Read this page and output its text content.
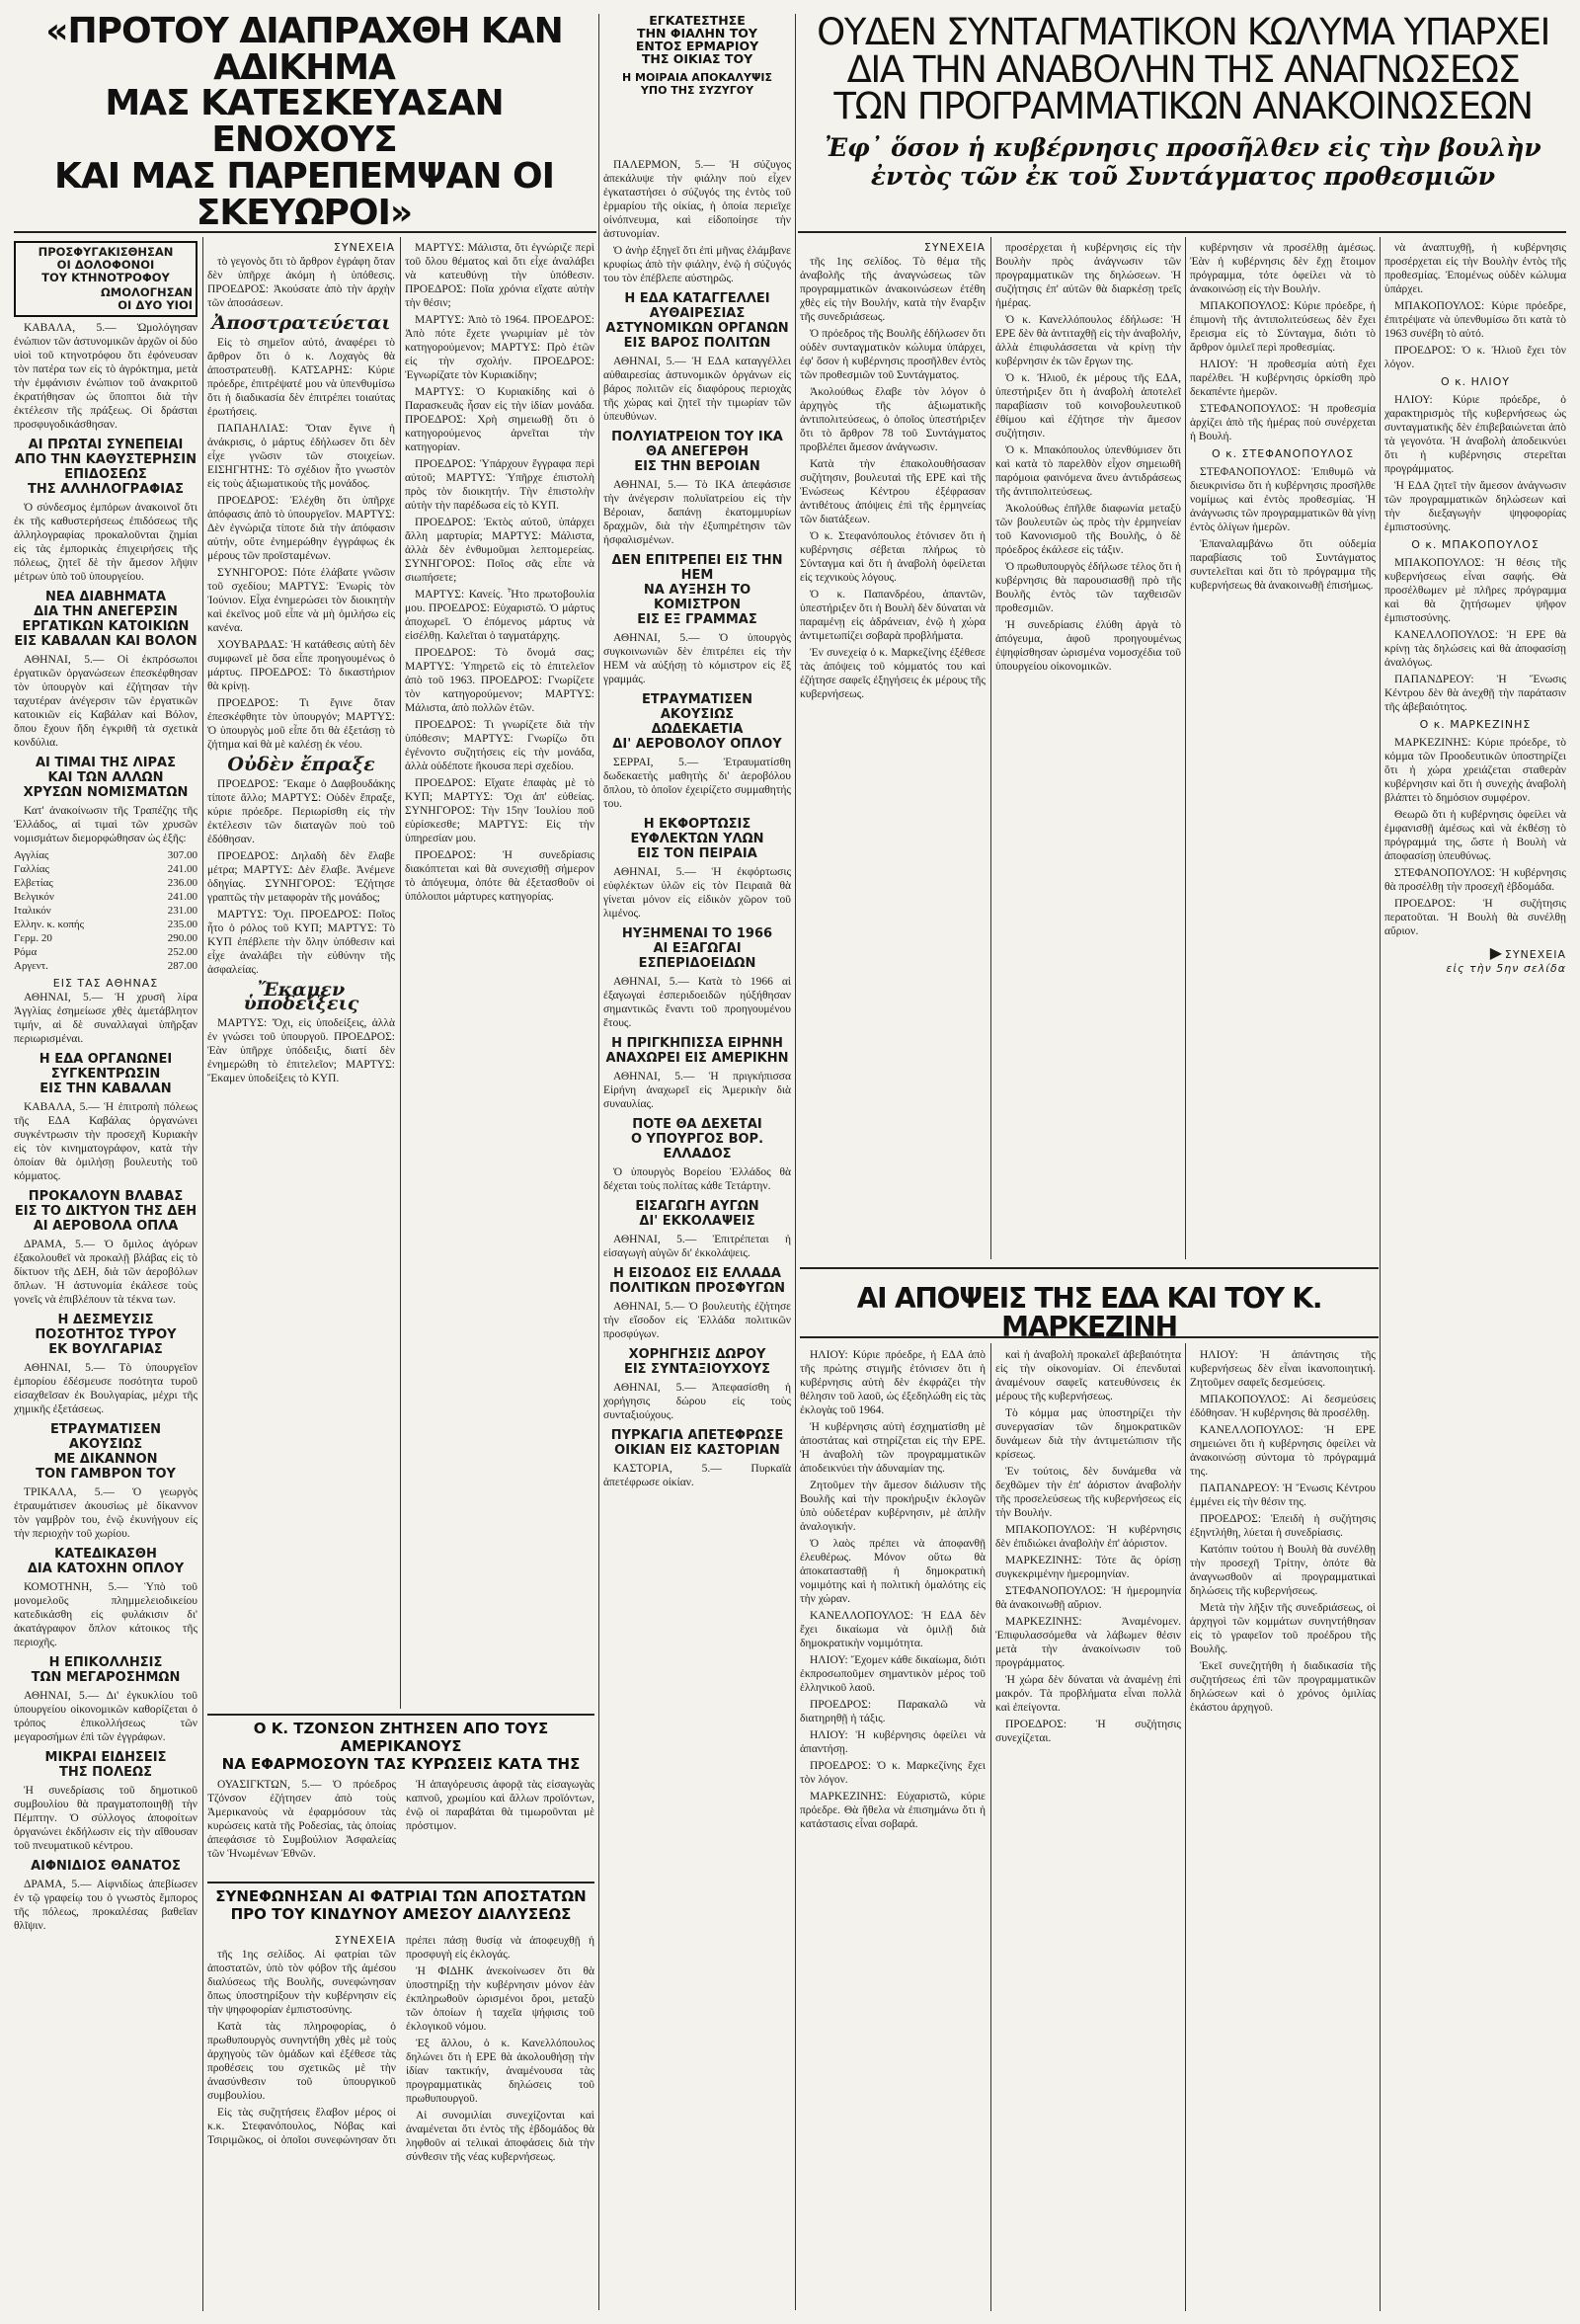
«ΠΡΟΤΟΥ ΔΙΑΠΡΑΧΘΗ ΚΑΝ ΑΔΙΚΗΜΑ
ΜΑΣ ΚΑΤΕΣΚΕΥΑΣΑΝ ΕΝΟΧΟΥΣ
ΚΑΙ ΜΑΣ ΠΑΡΕΠΕΜΨΑΝ ΟΙ ΣΚΕΥΩΡΟΙ»
ΕΓΚΑΤΕΣΤΗΣΕ
ΤΗΝ ΦΙΑΛΗΝ ΤΟΥ
ΕΝΤΟΣ ΕΡΜΑΡΙΟΥ
ΤΗΣ ΟΙΚΙΑΣ ΤΟΥ
Η ΜΟΙΡΑΙΑ ΑΠΟΚΑΛΥΨΙΣ
ΥΠΟ ΤΗΣ ΣΥΖΥΓΟΥ
ΟΥΔΕΝ ΣΥΝΤΑΓΜΑΤΙΚΟΝ ΚΩΛΥΜΑ ΥΠΑΡΧΕΙ
ΔΙΑ ΤΗΝ ΑΝΑΒΟΛΗΝ ΤΗΣ ΑΝΑΓΝΩΣΕΩΣ
ΤΩΝ ΠΡΟΓΡΑΜΜΑΤΙΚΩΝ ΑΝΑΚΟΙΝΩΣΕΩΝ
Ἐφ᾿ ὅσον ἡ κυβέρνησις προσῆλθεν εἰς τὴν βουλὴν
ἐντὸς τῶν ἐκ τοῦ Συντάγματος προθεσμιῶν
ΠΡΟΣΦΥΓΑΚΙΣΘΗΣΑΝ
ΟΙ ΔΟΛΟΦΟΝΟΙ
ΤΟΥ ΚΤΗΝΟΤΡΟΦΟΥ
ΩΜΟΛΟΓΗΣΑΝ
ΟΙ ΔΥΟ ΥΙΟΙ

ΚΑΒΑΛΑ, 5.— Ὡμολόγησαν ἐνώπιον τῶν ἀστυνομικῶν ἀρχῶν οἱ δύο υἱοὶ τοῦ κτηνοτρόφου ὅτι ἐφόνευσαν τὸν πατέρα των εἰς τὸ ἀγρόκτημα, μετὰ τὴν ἐμφάνισιν ἐνώπιον τοῦ ἀνακριτοῦ ἐκρατήθησαν ὡς ὕποπτοι διὰ τὴν ἐκτέλεσιν τῆς πράξεως. Οἱ δράσται προσφυγοδικάσθησαν.

ΑΙ ΠΡΩΤΑΙ ΣΥΝΕΠΕΙΑΙ
ΑΠΟ ΤΗΝ ΚΑΘΥΣΤΕΡΗΣΙΝ
ΕΠΙΔΟΣΕΩΣ
ΤΗΣ ΑΛΛΗΛΟΓΡΑΦΙΑΣ

Ὁ σύνδεσμος ἐμπόρων ἀνακοινοῖ ὅτι ἐκ τῆς καθυστερήσεως ἐπιδόσεως τῆς ἀλληλογραφίας προκαλοῦνται ζημίαι εἰς τὰς ἐμπορικὰς ἐπιχειρήσεις τῆς πόλεως, ζητεῖ δὲ τὴν ἄμεσον λῆψιν μέτρων ὑπὸ τοῦ ὑπουργείου.

ΝΕΑ ΔΙΑΒΗΜΑΤΑ
ΔΙΑ ΤΗΝ ΑΝΕΓΕΡΣΙΝ
ΕΡΓΑΤΙΚΩΝ ΚΑΤΟΙΚΙΩΝ
ΕΙΣ ΚΑΒΑΛΑΝ ΚΑΙ ΒΟΛΟΝ

ΑΘΗΝΑΙ, 5.— Οἱ ἐκπρόσωποι ἐργατικῶν ὀργανώσεων ἐπεσκέφθησαν τὸν ὑπουργὸν καὶ ἐζήτησαν τὴν ταχυτέραν ἀνέγερσιν τῶν ἐργατικῶν κατοικιῶν εἰς Καβάλαν καὶ Βόλον, ὅπου ἔχουν ἤδη ἐγκριθῆ τὰ σχετικὰ κονδύλια.

ΑΙ ΤΙΜΑΙ ΤΗΣ ΛΙΡΑΣ
ΚΑΙ ΤΩΝ ΑΛΛΩΝ
ΧΡΥΣΩΝ ΝΟΜΙΣΜΑΤΩΝ

Κατ' ἀνακοίνωσιν τῆς Τραπέζης τῆς Ἑλλάδος, αἱ τιμαὶ τῶν χρυσῶν νομισμάτων διεμορφώθησαν ὡς ἑξῆς:

Αγγλίας	307.00
Γαλλίας	241.00
Ελβετίας	236.00
Βελγικόν	241.00
Ιταλικόν	231.00
Ελλην. κ. κοπής	235.00
Γερμ. 20	290.00
Ρόμα	252.00
Αργεντ.	287.00
ΕΙΣ ΤΑΣ ΑΘΗΝΑΣ

ΑΘΗΝΑΙ, 5.— Ἡ χρυσῆ λίρα Ἀγγλίας ἐσημείωσε χθὲς ἀμετάβλητον τιμήν, αἱ δὲ συναλλαγαὶ ὑπῆρξαν περιωρισμέναι.

Η ΕΔΑ ΟΡΓΑΝΩΝΕΙ
ΣΥΓΚΕΝΤΡΩΣΙΝ
ΕΙΣ ΤΗΝ ΚΑΒΑΛΑΝ

ΚΑΒΑΛΑ, 5.— Ἡ ἐπιτροπὴ πόλεως τῆς ΕΔΑ Καβάλας ὀργανώνει συγκέντρωσιν τὴν προσεχῆ Κυριακὴν εἰς τὸν κινηματογράφον, κατὰ τὴν ὁποίαν θὰ ὁμιλήσῃ βουλευτὴς τοῦ κόμματος.

ΠΡΟΚΑΛΟΥΝ ΒΛΑΒΑΣ
ΕΙΣ ΤΟ ΔΙΚΤΥΟΝ ΤΗΣ ΔΕΗ
ΑΙ ΑΕΡΟΒΟΛΑ ΟΠΛΑ

ΔΡΑΜΑ, 5.— Ὁ ὅμιλος ἀγόρων ἐξακολουθεῖ νὰ προκαλῇ βλάβας εἰς τὸ δίκτυον τῆς ΔΕΗ, διὰ τῶν ἀεροβόλων ὅπλων. Ἡ ἀστυνομία ἐκάλεσε τοὺς γονεῖς νὰ ἐπιβλέπουν τὰ τέκνα των.

Η ΔΕΣΜΕΥΣΙΣ
ΠΟΣΟΤΗΤΟΣ ΤΥΡΟΥ
ΕΚ ΒΟΥΛΓΑΡΙΑΣ

ΑΘΗΝΑΙ, 5.— Τὸ ὑπουργεῖον ἐμπορίου ἐδέσμευσε ποσότητα τυροῦ εἰσαχθεῖσαν ἐκ Βουλγαρίας, μέχρι τῆς χημικῆς ἐξετάσεως.

ΕΤΡΑΥΜΑΤΙΣΕΝ ΑΚΟΥΣΙΩΣ
ΜΕ ΔΙΚΑΝΝΟΝ
ΤΟΝ ΓΑΜΒΡΟΝ ΤΟΥ

ΤΡΙΚΑΛΑ, 5.— Ὁ γεωργὸς ἐτραυμάτισεν ἀκουσίως μὲ δίκαννον τὸν γαμβρὸν του, ἐνῷ ἐκυνήγουν εἰς τὴν περιοχὴν τοῦ χωρίου.

ΚΑΤΕΔΙΚΑΣΘΗ
ΔΙΑ ΚΑΤΟΧΗΝ ΟΠΛΟΥ

ΚΟΜΟΤΗΝΗ, 5.— Ὑπὸ τοῦ μονομελοῦς πλημμελειοδικείου κατεδικάσθη εἰς φυλάκισιν δι' ἀκατάγραφον ὅπλον κάτοικος τῆς περιοχῆς.

Η ΕΠΙΚΟΛΛΗΣΙΣ
ΤΩΝ ΜΕΓΑΡΟΣΗΜΩΝ

ΑΘΗΝΑΙ, 5.— Δι' ἐγκυκλίου τοῦ ὑπουργείου οἰκονομικῶν καθορίζεται ὁ τρόπος ἐπικολλήσεως τῶν μεγαροσήμων ἐπὶ τῶν ἐγγράφων.

ΜΙΚΡΑΙ ΕΙΔΗΣΕΙΣ
ΤΗΣ ΠΟΛΕΩΣ

Ἡ συνεδρίασις τοῦ δημοτικοῦ συμβουλίου θὰ πραγματοποιηθῇ τὴν Πέμπτην. Ὁ σύλλογος ἀποφοίτων ὀργανώνει ἐκδήλωσιν εἰς τὴν αἴθουσαν τοῦ πνευματικοῦ κέντρου.

ΑΙΦΝΙΔΙΟΣ ΘΑΝΑΤΟΣ

ΔΡΑΜΑ, 5.— Αἰφνιδίως ἀπεβίωσεν ἐν τῷ γραφείῳ του ὁ γνωστὸς ἔμπορος τῆς πόλεως, προκαλέσας βαθεῖαν θλῖψιν.

ΣΥΝΕΧΕΙΑ

τὸ γεγονὸς ὅτι τὸ ἄρθρον ἐγράφη ὅταν δὲν ὑπῆρχε ἀκόμη ἡ ὑπόθεσις. ΠΡΟΕΔΡΟΣ: Ἀκούσατε ἀπὸ τὴν ἀρχὴν τῶν ἀποσάσεων.

Ἀποστρατεύεται

Εἰς τὸ σημεῖον αὐτό, ἀναφέρει τὸ ἄρθρον ὅτι ὁ κ. Λοχαγὸς θὰ ἀποστρατευθῇ. ΚΑΤΣΑΡΗΣ: Κύριε πρόεδρε, ἐπιτρέψατέ μου νὰ ὑπενθυμίσω ὅτι ἡ διαδικασία δὲν ἐπιτρέπει τοιαύτας ἐρωτήσεις.

ΠΑΠΑΗΛΙΑΣ: Ὅταν ἔγινε ἡ ἀνάκρισις, ὁ μάρτυς ἐδήλωσεν ὅτι δὲν εἶχε γνῶσιν τῶν στοιχείων. ΕΙΣΗΓΗΤΗΣ: Τὸ σχέδιον ἦτο γνωστὸν εἰς τοὺς ἀξιωματικοὺς τῆς μονάδος.

ΠΡΟΕΔΡΟΣ: Ἐλέχθη ὅτι ὑπῆρχε ἀπόφασις ἀπὸ τὸ ὑπουργεῖον. ΜΑΡΤΥΣ: Δὲν ἐγνώριζα τίποτε διὰ τὴν ἀπόφασιν αὐτήν, οὔτε ἐνημερώθην ἐγγράφως ἐκ μέρους τῶν προϊσταμένων.

ΣΥΝΗΓΟΡΟΣ: Πότε ἐλάβατε γνῶσιν τοῦ σχεδίου; ΜΑΡΤΥΣ: Ἐνωρὶς τὸν Ἰούνιον. Εἶχα ἐνημερώσει τὸν διοικητὴν καὶ ἐκεῖνος μοῦ εἶπε νὰ μὴ ὁμιλήσω εἰς κανένα.

ΧΟΥΒΑΡΔΑΣ: Ἡ κατάθεσις αὐτὴ δὲν συμφωνεῖ μὲ ὅσα εἶπε προηγουμένως ὁ μάρτυς. ΠΡΟΕΔΡΟΣ: Τὸ δικαστήριον θὰ κρίνῃ.

ΠΡΟΕΔΡΟΣ: Τι ἔγινε ὅταν ἐπεσκέφθητε τὸν ὑπουργόν; ΜΑΡΤΥΣ: Ὁ ὑπουργὸς μοῦ εἶπε ὅτι θὰ ἐξετάσῃ τὸ ζήτημα καὶ θὰ μὲ καλέσῃ ἐκ νέου.

Οὐδὲν ἔπραξε

ΠΡΟΕΔΡΟΣ: Ἔκαμε ὁ Δαφβουδάκης τίποτε ἄλλο; ΜΑΡΤΥΣ: Οὐδὲν ἔπραξε, κύριε πρόεδρε. Περιωρίσθη εἰς τὴν ἐκτέλεσιν τῶν διαταγῶν ποὺ τοῦ ἐδόθησαν.

ΠΡΟΕΔΡΟΣ: Δηλαδὴ δὲν ἔλαβε μέτρα; ΜΑΡΤΥΣ: Δὲν ἔλαβε. Ἀνέμενε ὁδηγίας. ΣΥΝΗΓΟΡΟΣ: Ἐζήτησε γραπτῶς τὴν μεταφορὰν τῆς μονάδος;

ΜΑΡΤΥΣ: Ὄχι. ΠΡΟΕΔΡΟΣ: Ποῖος ἦτο ὁ ρόλος τοῦ ΚΥΠ; ΜΑΡΤΥΣ: Τὸ ΚΥΠ ἐπέβλεπε τὴν ὅλην ὑπόθεσιν καὶ εἶχε ἀναλάβει τὴν εὐθύνην τῆς ἀσφαλείας.

Ἔκαμεν ὑποδείξεις

ΜΑΡΤΥΣ: Ὄχι, εἰς ὑποδείξεις, ἀλλὰ ἐν γνώσει τοῦ ὑπουργοῦ. ΠΡΟΕΔΡΟΣ: Ἐὰν ὑπῆρχε ὑπόδειξις, διατί δὲν ἐνημερώθη τὸ ἐπιτελεῖον; ΜΑΡΤΥΣ: Ἔκαμεν ὑποδείξεις τὸ ΚΥΠ.

ΜΑΡΤΥΣ: Μάλιστα, ὅτι ἐγνώριζε περὶ τοῦ ὅλου θέματος καὶ ὅτι εἶχε ἀναλάβει νὰ κατευθύνῃ τὴν ὑπόθεσιν. ΠΡΟΕΔΡΟΣ: Ποῖα χρόνια εἴχατε αὐτὴν τὴν θέσιν;

ΜΑΡΤΥΣ: Ἀπὸ τὸ 1964. ΠΡΟΕΔΡΟΣ: Ἀπὸ πότε ἔχετε γνωριμίαν μὲ τὸν κατηγορούμενον; ΜΑΡΤΥΣ: Πρὸ ἐτῶν εἰς τὴν σχολήν. ΠΡΟΕΔΡΟΣ: Ἐγνωρίζατε τὸν Κυριακίδην;

ΜΑΡΤΥΣ: Ὁ Κυριακίδης καὶ ὁ Παρασκευᾶς ἦσαν εἰς τὴν ἰδίαν μονάδα. ΠΡΟΕΔΡΟΣ: Χρὴ σημειωθῇ ὅτι ὁ κατηγορούμενος ἀρνεῖται τὴν κατηγορίαν.

ΠΡΟΕΔΡΟΣ: Ὑπάρχουν ἔγγραφα περὶ αὐτοῦ; ΜΑΡΤΥΣ: Ὑπῆρχε ἐπιστολὴ πρὸς τὸν διοικητήν. Τὴν ἐπιστολὴν αὐτὴν τὴν παρέδωσα εἰς τὸ ΚΥΠ.

ΠΡΟΕΔΡΟΣ: Ἐκτὸς αὐτοῦ, ὑπάρχει ἄλλη μαρτυρία; ΜΑΡΤΥΣ: Μάλιστα, ἀλλὰ δὲν ἐνθυμοῦμαι λεπτομερείας. ΣΥΝΗΓΟΡΟΣ: Ποῖος σᾶς εἶπε νὰ σιωπήσετε;

ΜΑΡΤΥΣ: Κανείς. Ἦτο πρωτοβουλία μου. ΠΡΟΕΔΡΟΣ: Εὐχαριστῶ. Ὁ μάρτυς ἀποχωρεῖ. Ὁ ἐπόμενος μάρτυς νὰ εἰσέλθῃ. Καλεῖται ὁ ταγματάρχης.

ΠΡΟΕΔΡΟΣ: Τὸ ὄνομά σας; ΜΑΡΤΥΣ: Ὑπηρετῶ εἰς τὸ ἐπιτελεῖον ἀπὸ τοῦ 1963. ΠΡΟΕΔΡΟΣ: Γνωρίζετε τὸν κατηγορούμενον; ΜΑΡΤΥΣ: Μάλιστα, ἀπὸ πολλῶν ἐτῶν.

ΠΡΟΕΔΡΟΣ: Τι γνωρίζετε διὰ τὴν ὑπόθεσιν; ΜΑΡΤΥΣ: Γνωρίζω ὅτι ἐγένοντο συζητήσεις εἰς τὴν μονάδα, ἀλλὰ οὐδέποτε ἤκουσα περὶ σχεδίου.

ΠΡΟΕΔΡΟΣ: Εἴχατε ἐπαφὰς μὲ τὸ ΚΥΠ; ΜΑΡΤΥΣ: Ὄχι ἀπ' εὐθείας. ΣΥΝΗΓΟΡΟΣ: Τὴν 15ην Ἰουλίου ποῦ εὑρίσκεσθε; ΜΑΡΤΥΣ: Εἰς τὴν ὑπηρεσίαν μου.

ΠΡΟΕΔΡΟΣ: Ἡ συνεδρίασις διακόπτεται καὶ θὰ συνεχισθῇ σήμερον τὸ ἀπόγευμα, ὁπότε θὰ ἐξετασθοῦν οἱ ὑπόλοιποι μάρτυρες κατηγορίας.

ΠΑΛΕΡΜΟΝ, 5.— Ἡ σύζυγος ἀπεκάλυψε τὴν φιάλην ποὺ εἶχεν ἐγκαταστήσει ὁ σύζυγός της ἐντὸς τοῦ ἑρμαρίου τῆς οἰκίας, ἡ ὁποία περιεῖχε οἰνόπνευμα, καὶ εἰδοποίησε τὴν ἀστυνομίαν.

Ὁ ἀνὴρ ἐξηγεῖ ὅτι ἐπὶ μῆνας ἐλάμβανε κρυφίως ἀπὸ τὴν φιάλην, ἐνῷ ἡ σύζυγός του τὸν ἐπέβλεπε αὐστηρῶς.

Η ΕΔΑ ΚΑΤΑΓΓΕΛΛΕΙ
ΑΥΘΑΙΡΕΣΙΑΣ
ΑΣΤΥΝΟΜΙΚΩΝ ΟΡΓΑΝΩΝ
ΕΙΣ ΒΑΡΟΣ ΠΟΛΙΤΩΝ

ΑΘΗΝΑΙ, 5.— Ἡ ΕΔΑ καταγγέλλει αὐθαιρεσίας ἀστυνομικῶν ὀργάνων εἰς βάρος πολιτῶν εἰς διαφόρους περιοχὰς τῆς χώρας καὶ ζητεῖ τὴν τιμωρίαν τῶν ὑπευθύνων.

ΠΟΛΥΙΑΤΡΕΙΟΝ ΤΟΥ ΙΚΑ
ΘΑ ΑΝΕΓΕΡΘΗ
ΕΙΣ ΤΗΝ ΒΕΡΟΙΑΝ

ΑΘΗΝΑΙ, 5.— Τὸ ΙΚΑ ἀπεφάσισε τὴν ἀνέγερσιν πολυϊατρείου εἰς τὴν Βέροιαν, δαπάνῃ ἑκατομμυρίων δραχμῶν, διὰ τὴν ἐξυπηρέτησιν τῶν ἠσφαλισμένων.

ΔΕΝ ΕΠΙΤΡΕΠΕΙ ΕΙΣ ΤΗΝ ΗΕΜ
ΝΑ ΑΥΞΗΣΗ ΤΟ ΚΟΜΙΣΤΡΟΝ
ΕΙΣ ΕΞ ΓΡΑΜΜΑΣ

ΑΘΗΝΑΙ, 5.— Ὁ ὑπουργὸς συγκοινωνιῶν δὲν ἐπιτρέπει εἰς τὴν ΗΕΜ νὰ αὐξήσῃ τὸ κόμιστρον εἰς ἓξ γραμμάς.

ΕΤΡΑΥΜΑΤΙΣΕΝ ΑΚΟΥΣΙΩΣ
ΔΩΔΕΚΑΕΤΙΑ
ΔΙ' ΑΕΡΟΒΟΛΟΥ ΟΠΛΟΥ

ΣΕΡΡΑΙ, 5.— Ἐτραυματίσθη δωδεκαετὴς μαθητὴς δι' ἀεροβόλου ὅπλου, τὸ ὁποῖον ἐχειρίζετο συμμαθητής του.

Η ΕΚΦΟΡΤΩΣΙΣ
ΕΥΦΛΕΚΤΩΝ ΥΛΩΝ
ΕΙΣ ΤΟΝ ΠΕΙΡΑΙΑ

ΑΘΗΝΑΙ, 5.— Ἡ ἐκφόρτωσις εὐφλέκτων ὑλῶν εἰς τὸν Πειραιᾶ θὰ γίνεται μόνον εἰς εἰδικὸν χῶρον τοῦ λιμένος.

ΗΥΞΗΜΕΝΑΙ ΤΟ 1966
ΑΙ ΕΞΑΓΩΓΑΙ
ΕΣΠΕΡΙΔΟΕΙΔΩΝ

ΑΘΗΝΑΙ, 5.— Κατὰ τὸ 1966 αἱ ἐξαγωγαὶ ἐσπεριδοειδῶν ηὐξήθησαν σημαντικῶς ἔναντι τοῦ προηγουμένου ἔτους.

Η ΠΡΙΓΚΗΠΙΣΣΑ ΕΙΡΗΝΗ
ΑΝΑΧΩΡΕΙ ΕΙΣ ΑΜΕΡΙΚΗΝ

ΑΘΗΝΑΙ, 5.— Ἡ πριγκήπισσα Εἰρήνη ἀναχωρεῖ εἰς Ἀμερικὴν διὰ συναυλίας.

ΠΟΤΕ ΘΑ ΔΕΧΕΤΑΙ
Ο ΥΠΟΥΡΓΟΣ ΒΟΡ. ΕΛΛΑΔΟΣ

Ὁ ὑπουργὸς Βορείου Ἑλλάδος θὰ δέχεται τοὺς πολίτας κάθε Τετάρτην.

ΕΙΣΑΓΩΓΗ ΑΥΓΩΝ
ΔΙ' ΕΚΚΟΛΑΨΕΙΣ

ΑΘΗΝΑΙ, 5.— Ἐπιτρέπεται ἡ εἰσαγωγὴ αὐγῶν δι' ἐκκολάψεις.

Η ΕΙΣΟΔΟΣ ΕΙΣ ΕΛΛΑΔΑ
ΠΟΛΙΤΙΚΩΝ ΠΡΟΣΦΥΓΩΝ

ΑΘΗΝΑΙ, 5.— Ὁ βουλευτὴς ἐζήτησε τὴν εἴσοδον εἰς Ἑλλάδα πολιτικῶν προσφύγων.

ΧΟΡΗΓΗΣΙΣ ΔΩΡΟΥ
ΕΙΣ ΣΥΝΤΑΞΙΟΥΧΟΥΣ

ΑΘΗΝΑΙ, 5.— Ἀπεφασίσθη ἡ χορήγησις δώρου εἰς τοὺς συνταξιούχους.

ΠΥΡΚΑΓΙΑ ΑΠΕΤΕΦΡΩΣΕ
ΟΙΚΙΑΝ ΕΙΣ ΚΑΣΤΟΡΙΑΝ

ΚΑΣΤΟΡΙΑ, 5.— Πυρκαϊὰ ἀπετέφρωσε οἰκίαν.

Ο Κ. ΤΖΟΝΣΟΝ ΖΗΤΗΣΕΝ ΑΠΟ ΤΟΥΣ ΑΜΕΡΙΚΑΝΟΥΣ
ΝΑ ΕΦΑΡΜΟΣΟΥΝ ΤΑΣ ΚΥΡΩΣΕΙΣ ΚΑΤΑ ΤΗΣ

ΟΥΑΣΙΓΚΤΩΝ, 5.— Ὁ πρόεδρος Τζόνσον ἐζήτησεν ἀπὸ τοὺς Ἀμερικανοὺς νὰ ἐφαρμόσουν τὰς κυρώσεις κατὰ τῆς Ροδεσίας, τὰς ὁποίας ἀπεφάσισε τὸ Συμβούλιον Ἀσφαλείας τῶν Ἡνωμένων Ἐθνῶν.

Ἡ ἀπαγόρευσις ἀφορᾷ τὰς εἰσαγωγὰς καπνοῦ, χρωμίου καὶ ἄλλων προϊόντων, ἐνῷ οἱ παραβάται θὰ τιμωροῦνται μὲ πρόστιμον.

ΣΥΝΕΦΩΝΗΣΑΝ ΑΙ ΦΑΤΡΙΑΙ ΤΩΝ ΑΠΟΣΤΑΤΩΝ
ΠΡΟ ΤΟΥ ΚΙΝΔΥΝΟΥ ΑΜΕΣΟΥ ΔΙΑΛΥΣΕΩΣ
ΣΥΝΕΧΕΙΑ

τῆς 1ης σελίδος. Αἱ φατρίαι τῶν ἀποστατῶν, ὑπὸ τὸν φόβον τῆς ἀμέσου διαλύσεως τῆς Βουλῆς, συνεφώνησαν ὅπως ὑποστηρίξουν τὴν κυβέρνησιν εἰς τὴν ψηφοφορίαν ἐμπιστοσύνης.

Κατὰ τὰς πληροφορίας, ὁ πρωθυπουργὸς συνηντήθη χθὲς μὲ τοὺς ἀρχηγοὺς τῶν ὁμάδων καὶ ἐξέθεσε τὰς προθέσεις του σχετικῶς μὲ τὴν ἀνασύνθεσιν τοῦ ὑπουργικοῦ συμβουλίου.

Εἰς τὰς συζητήσεις ἔλαβον μέρος οἱ κ.κ. Στεφανόπουλος, Νόβας καὶ Τσιριμῶκος, οἱ ὁποῖοι συνεφώνησαν ὅτι πρέπει πάσῃ θυσίᾳ νὰ ἀποφευχθῇ ἡ προσφυγὴ εἰς ἐκλογάς.

Ἡ ΦΙΔΗΚ ἀνεκοίνωσεν ὅτι θὰ ὑποστηρίξῃ τὴν κυβέρνησιν μόνον ἐὰν ἐκπληρωθοῦν ὡρισμένοι ὅροι, μεταξὺ τῶν ὁποίων ἡ ταχεῖα ψήφισις τοῦ ἐκλογικοῦ νόμου.

Ἐξ ἄλλου, ὁ κ. Κανελλόπουλος δηλώνει ὅτι ἡ ΕΡΕ θὰ ἀκολουθήσῃ τὴν ἰδίαν τακτικήν, ἀναμένουσα τὰς προγραμματικὰς δηλώσεις τοῦ πρωθυπουργοῦ.

Αἱ συνομιλίαι συνεχίζονται καὶ ἀναμένεται ὅτι ἐντὸς τῆς ἑβδομάδος θὰ ληφθοῦν αἱ τελικαὶ ἀποφάσεις διὰ τὴν σύνθεσιν τῆς νέας κυβερνήσεως.

ΣΥΝΕΧΕΙΑ

τῆς 1ης σελίδος. Τὸ θέμα τῆς ἀναβολῆς τῆς ἀναγνώσεως τῶν προγραμματικῶν ἀνακοινώσεων ἐτέθη χθὲς εἰς τὴν Βουλήν, κατὰ τὴν ἔναρξιν τῆς συνεδριάσεως.

Ὁ πρόεδρος τῆς Βουλῆς ἐδήλωσεν ὅτι οὐδὲν συνταγματικὸν κώλυμα ὑπάρχει, ἐφ' ὅσον ἡ κυβέρνησις προσῆλθεν ἐντὸς τῶν προθεσμιῶν τοῦ Συντάγματος.

Ἀκολούθως ἔλαβε τὸν λόγον ὁ ἀρχηγὸς τῆς ἀξιωματικῆς ἀντιπολιτεύσεως, ὁ ὁποῖος ὑπεστήριξεν ὅτι τὸ ἄρθρον 78 τοῦ Συντάγματος προβλέπει ἄμεσον ἀνάγνωσιν.

Κατὰ τὴν ἐπακολουθήσασαν συζήτησιν, βουλευταὶ τῆς ΕΡΕ καὶ τῆς Ἑνώσεως Κέντρου ἐξέφρασαν ἀντιθέτους ἀπόψεις ἐπὶ τῆς ἑρμηνείας τῶν διατάξεων.

Ὁ κ. Στεφανόπουλος ἐτόνισεν ὅτι ἡ κυβέρνησις σέβεται πλήρως τὸ Σύνταγμα καὶ ὅτι ἡ ἀναβολὴ ὀφείλεται εἰς τεχνικοὺς λόγους.

Ὁ κ. Παπανδρέου, ἀπαντῶν, ὑπεστήριξεν ὅτι ἡ Βουλὴ δὲν δύναται νὰ παραμένῃ εἰς ἀδράνειαν, ἐνῷ ἡ χώρα ἀντιμετωπίζει σοβαρὰ προβλήματα.

Ἐν συνεχείᾳ ὁ κ. Μαρκεζίνης ἐξέθεσε τὰς ἀπόψεις τοῦ κόμματός του καὶ ἐζήτησε σαφεῖς ἐξηγήσεις ἐκ μέρους τῆς κυβερνήσεως.

προσέρχεται ἡ κυβέρνησις εἰς τὴν Βουλὴν πρὸς ἀνάγνωσιν τῶν προγραμματικῶν της δηλώσεων. Ἡ συζήτησις ἐπ' αὐτῶν θὰ διαρκέσῃ τρεῖς ἡμέρας.

Ὁ κ. Κανελλόπουλος ἐδήλωσε: Ἡ ΕΡΕ δὲν θὰ ἀντιταχθῇ εἰς τὴν ἀναβολήν, ἀλλὰ ἐπιφυλάσσεται νὰ κρίνῃ τὴν κυβέρνησιν ἐκ τῶν ἔργων της.

Ὁ κ. Ἠλιοῦ, ἐκ μέρους τῆς ΕΔΑ, ὑπεστήριξεν ὅτι ἡ ἀναβολὴ ἀποτελεῖ παραβίασιν τοῦ κοινοβουλευτικοῦ ἐθίμου καὶ ἐζήτησε τὴν ἄμεσον συζήτησιν.

Ὁ κ. Μπακόπουλος ὑπενθύμισεν ὅτι καὶ κατὰ τὸ παρελθὸν εἶχον σημειωθῆ παρόμοια φαινόμενα ἄνευ ἀντιδράσεως τῆς ἀντιπολιτεύσεως.

Ἀκολούθως ἐπῆλθε διαφωνία μεταξὺ τῶν βουλευτῶν ὡς πρὸς τὴν ἑρμηνείαν τοῦ Κανονισμοῦ τῆς Βουλῆς, ὁ δὲ πρόεδρος ἐκάλεσε εἰς τάξιν.

Ὁ πρωθυπουργὸς ἐδήλωσε τέλος ὅτι ἡ κυβέρνησις θὰ παρουσιασθῇ πρὸ τῆς Βουλῆς ἐντὸς τῶν ταχθεισῶν προθεσμιῶν.

Ἡ συνεδρίασις ἐλύθη ἀργὰ τὸ ἀπόγευμα, ἀφοῦ προηγουμένως ἐψηφίσθησαν ὡρισμένα νομοσχέδια τοῦ ὑπουργείου οἰκονομικῶν.

κυβέρνησιν νὰ προσέλθῃ ἀμέσως. Ἐὰν ἡ κυβέρνησις δὲν ἔχῃ ἕτοιμον πρόγραμμα, τότε ὀφείλει νὰ τὸ ἀνακοινώσῃ εἰς τὴν Βουλήν.

ΜΠΑΚΟΠΟΥΛΟΣ: Κύριε πρόεδρε, ἡ ἐπιμονὴ τῆς ἀντιπολιτεύσεως δὲν ἔχει ἔρεισμα εἰς τὸ Σύνταγμα, διότι τὸ ἄρθρον ὁμιλεῖ περὶ προθεσμίας.

ΗΛΙΟΥ: Ἡ προθεσμία αὐτὴ ἔχει παρέλθει. Ἡ κυβέρνησις ὁρκίσθη πρὸ δεκαπέντε ἡμερῶν.

ΣΤΕΦΑΝΟΠΟΥΛΟΣ: Ἡ προθεσμία ἀρχίζει ἀπὸ τῆς ἡμέρας ποὺ συνέρχεται ἡ Βουλή.

Ο κ. ΣΤΕΦΑΝΟΠΟΥΛΟΣ

ΣΤΕΦΑΝΟΠΟΥΛΟΣ: Ἐπιθυμῶ νὰ διευκρινίσω ὅτι ἡ κυβέρνησις προσῆλθε νομίμως καὶ ἐντὸς προθεσμίας. Ἡ ἀνάγνωσις τῶν προγραμματικῶν θὰ γίνῃ ἐντὸς ὀλίγων ἡμερῶν.

Ἐπαναλαμβάνω ὅτι οὐδεμία παραβίασις τοῦ Συντάγματος συντελεῖται καὶ ὅτι τὸ πρόγραμμα τῆς κυβερνήσεως θὰ ἀνακοινωθῇ ἐπισήμως.

νὰ ἀναπτυχθῇ, ἡ κυβέρνησις προσέρχεται εἰς τὴν Βουλὴν ἐντὸς τῆς προθεσμίας. Ἐπομένως οὐδὲν κώλυμα ὑπάρχει.

ΜΠΑΚΟΠΟΥΛΟΣ: Κύριε πρόεδρε, ἐπιτρέψατε νὰ ὑπενθυμίσω ὅτι κατὰ τὸ 1963 συνέβη τὸ αὐτό.

ΠΡΟΕΔΡΟΣ: Ὁ κ. Ἠλιοῦ ἔχει τὸν λόγον.

Ο κ. ΗΛΙΟΥ

ΗΛΙΟΥ: Κύριε πρόεδρε, ὁ χαρακτηρισμὸς τῆς κυβερνήσεως ὡς συνταγματικῆς δὲν ἐπιβεβαιώνεται ἀπὸ τὰ γεγονότα. Ἡ ἀναβολὴ ἀποδεικνύει ὅτι ἡ κυβέρνησις στερεῖται προγράμματος.

Ἡ ΕΔΑ ζητεῖ τὴν ἄμεσον ἀνάγνωσιν τῶν προγραμματικῶν δηλώσεων καὶ τὴν διεξαγωγὴν ψηφοφορίας ἐμπιστοσύνης.

Ο κ. ΜΠΑΚΟΠΟΥΛΟΣ

ΜΠΑΚΟΠΟΥΛΟΣ: Ἡ θέσις τῆς κυβερνήσεως εἶναι σαφής. Θὰ προσέλθωμεν μὲ πλῆρες πρόγραμμα καὶ θὰ ζητήσωμεν ψῆφον ἐμπιστοσύνης.

ΚΑΝΕΛΛΟΠΟΥΛΟΣ: Ἡ ΕΡΕ θὰ κρίνῃ τὰς δηλώσεις καὶ θὰ ἀποφασίσῃ ἀναλόγως.

ΠΑΠΑΝΔΡΕΟΥ: Ἡ Ἕνωσις Κέντρου δὲν θὰ ἀνεχθῇ τὴν παράτασιν τῆς ἀβεβαιότητος.

Ο κ. ΜΑΡΚΕΖΙΝΗΣ

ΜΑΡΚΕΖΙΝΗΣ: Κύριε πρόεδρε, τὸ κόμμα τῶν Προοδευτικῶν ὑποστηρίζει ὅτι ἡ χώρα χρειάζεται σταθερὰν κυβέρνησιν καὶ ὅτι ἡ συνεχὴς ἀναβολὴ βλάπτει τὸ δημόσιον συμφέρον.

Θεωρῶ ὅτι ἡ κυβέρνησις ὀφείλει νὰ ἐμφανισθῇ ἀμέσως καὶ νὰ ἐκθέσῃ τὸ πρόγραμμά της, ὥστε ἡ Βουλὴ νὰ ἀποφασίσῃ ὑπευθύνως.

ΣΤΕΦΑΝΟΠΟΥΛΟΣ: Ἡ κυβέρνησις θὰ προσέλθῃ τὴν προσεχῆ ἑβδομάδα.

ΠΡΟΕΔΡΟΣ: Ἡ συζήτησις περατοῦται. Ἡ Βουλὴ θὰ συνέλθῃ αὔριον.

▶ ΣΥΝΕΧΕΙΑ
εἰς τὴν 5ην σελίδα
ΑΙ ΑΠΟΨΕΙΣ ΤΗΣ ΕΔΑ ΚΑΙ ΤΟΥ Κ. ΜΑΡΚΕΖΙΝΗ

ΗΛΙΟΥ: Κύριε πρόεδρε, ἡ ΕΔΑ ἀπὸ τῆς πρώτης στιγμῆς ἐτόνισεν ὅτι ἡ κυβέρνησις αὐτὴ δὲν ἐκφράζει τὴν θέλησιν τοῦ λαοῦ, ὡς ἐξεδηλώθη εἰς τὰς ἐκλογὰς τοῦ 1964.

Ἡ κυβέρνησις αὐτὴ ἐσχηματίσθη μὲ ἀποστάτας καὶ στηρίζεται εἰς τὴν ΕΡΕ. Ἡ ἀναβολὴ τῶν προγραμματικῶν ἀποδεικνύει τὴν ἀδυναμίαν της.

Ζητοῦμεν τὴν ἄμεσον διάλυσιν τῆς Βουλῆς καὶ τὴν προκήρυξιν ἐκλογῶν ὑπὸ οὐδετέραν κυβέρνησιν, μὲ ἁπλῆν ἀναλογικήν.

Ὁ λαὸς πρέπει νὰ ἀποφανθῇ ἐλευθέρως. Μόνον οὕτω θὰ ἀποκατασταθῇ ἡ δημοκρατικὴ νομιμότης καὶ ἡ πολιτικὴ ὁμαλότης εἰς τὴν χώραν.

ΚΑΝΕΛΛΟΠΟΥΛΟΣ: Ἡ ΕΔΑ δὲν ἔχει δικαίωμα νὰ ὁμιλῇ διὰ δημοκρατικὴν νομιμότητα.

ΗΛΙΟΥ: Ἔχομεν κάθε δικαίωμα, διότι ἐκπροσωποῦμεν σημαντικὸν μέρος τοῦ ἑλληνικοῦ λαοῦ.

ΠΡΟΕΔΡΟΣ: Παρακαλῶ νὰ διατηρηθῇ ἡ τάξις.

ΗΛΙΟΥ: Ἡ κυβέρνησις ὀφείλει νὰ ἀπαντήσῃ.

ΠΡΟΕΔΡΟΣ: Ὁ κ. Μαρκεζίνης ἔχει τὸν λόγον.

ΜΑΡΚΕΖΙΝΗΣ: Εὐχαριστῶ, κύριε πρόεδρε. Θὰ ἤθελα νὰ ἐπισημάνω ὅτι ἡ κατάστασις εἶναι σοβαρά.

καὶ ἡ ἀναβολὴ προκαλεῖ ἀβεβαιότητα εἰς τὴν οἰκονομίαν. Οἱ ἐπενδυταὶ ἀναμένουν σαφεῖς κατευθύνσεις ἐκ μέρους τῆς κυβερνήσεως.

Τὸ κόμμα μας ὑποστηρίζει τὴν συνεργασίαν τῶν δημοκρατικῶν δυνάμεων διὰ τὴν ἀντιμετώπισιν τῆς κρίσεως.

Ἐν τούτοις, δὲν δυνάμεθα νὰ δεχθῶμεν τὴν ἐπ' ἀόριστον ἀναβολὴν τῆς προσελεύσεως τῆς κυβερνήσεως εἰς τὴν Βουλήν.

ΜΠΑΚΟΠΟΥΛΟΣ: Ἡ κυβέρνησις δὲν ἐπιδιώκει ἀναβολὴν ἐπ' ἀόριστον.

ΜΑΡΚΕΖΙΝΗΣ: Τότε ἂς ὁρίσῃ συγκεκριμένην ἡμερομηνίαν.

ΣΤΕΦΑΝΟΠΟΥΛΟΣ: Ἡ ἡμερομηνία θὰ ἀνακοινωθῇ αὔριον.

ΜΑΡΚΕΖΙΝΗΣ: Ἀναμένομεν. Ἐπιφυλασσόμεθα νὰ λάβωμεν θέσιν μετὰ τὴν ἀνακοίνωσιν τοῦ προγράμματος.

Ἡ χώρα δὲν δύναται νὰ ἀναμένῃ ἐπὶ μακρόν. Τὰ προβλήματα εἶναι πολλὰ καὶ ἐπείγοντα.

ΠΡΟΕΔΡΟΣ: Ἡ συζήτησις συνεχίζεται.

ΗΛΙΟΥ: Ἡ ἀπάντησις τῆς κυβερνήσεως δὲν εἶναι ἱκανοποιητική. Ζητοῦμεν σαφεῖς δεσμεύσεις.

ΜΠΑΚΟΠΟΥΛΟΣ: Αἱ δεσμεύσεις ἐδόθησαν. Ἡ κυβέρνησις θὰ προσέλθῃ.

ΚΑΝΕΛΛΟΠΟΥΛΟΣ: Ἡ ΕΡΕ σημειώνει ὅτι ἡ κυβέρνησις ὀφείλει νὰ ἀνακοινώσῃ σύντομα τὸ πρόγραμμά της.

ΠΑΠΑΝΔΡΕΟΥ: Ἡ Ἕνωσις Κέντρου ἐμμένει εἰς τὴν θέσιν της.

ΠΡΟΕΔΡΟΣ: Ἐπειδὴ ἡ συζήτησις ἐξηντλήθη, λύεται ἡ συνεδρίασις.

Κατόπιν τούτου ἡ Βουλὴ θὰ συνέλθῃ τὴν προσεχῆ Τρίτην, ὁπότε θὰ ἀναγνωσθοῦν αἱ προγραμματικαὶ δηλώσεις τῆς κυβερνήσεως.

Μετὰ τὴν λῆξιν τῆς συνεδριάσεως, οἱ ἀρχηγοὶ τῶν κομμάτων συνηντήθησαν εἰς τὸ γραφεῖον τοῦ προέδρου τῆς Βουλῆς.

Ἐκεῖ συνεζητήθη ἡ διαδικασία τῆς συζητήσεως ἐπὶ τῶν προγραμματικῶν δηλώσεων καὶ ὁ χρόνος ὁμιλίας ἑκάστου ἀρχηγοῦ.
